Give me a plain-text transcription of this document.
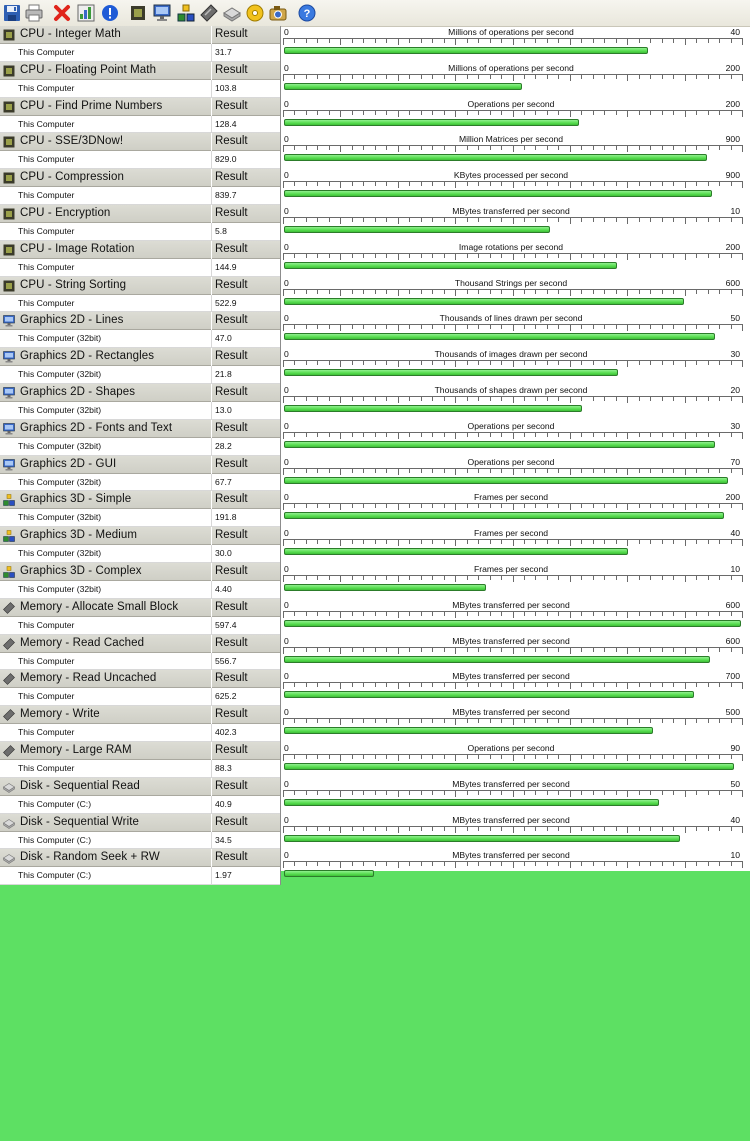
?
CPU - Integer Math	Result
This Computer	31.7
0	Millions of operations per second	40
CPU - Floating Point Math	Result
This Computer	103.8
0	Millions of operations per second	200
CPU - Find Prime Numbers	Result
This Computer	128.4
0	Operations per second	200
CPU - SSE/3DNow!	Result
This Computer	829.0
0	Million Matrices per second	900
CPU - Compression	Result
This Computer	839.7
0	KBytes processed per second	900
CPU - Encryption	Result
This Computer	5.8
0	MBytes transferred per second	10
CPU - Image Rotation	Result
This Computer	144.9
0	Image rotations per second	200
CPU - String Sorting	Result
This Computer	522.9
0	Thousand Strings per second	600
Graphics 2D - Lines	Result
This Computer (32bit)	47.0
0	Thousands of lines drawn per second	50
Graphics 2D - Rectangles	Result
This Computer (32bit)	21.8
0	Thousands of images drawn per second	30
Graphics 2D - Shapes	Result
This Computer (32bit)	13.0
0	Thousands of shapes drawn per second	20
Graphics 2D - Fonts and Text	Result
This Computer (32bit)	28.2
0	Operations per second	30
Graphics 2D - GUI	Result
This Computer (32bit)	67.7
0	Operations per second	70
Graphics 3D - Simple	Result
This Computer (32bit)	191.8
0	Frames per second	200
Graphics 3D - Medium	Result
This Computer (32bit)	30.0
0	Frames per second	40
Graphics 3D - Complex	Result
This Computer (32bit)	4.40
0	Frames per second	10
Memory - Allocate Small Block	Result
This Computer	597.4
0	MBytes transferred per second	600
Memory - Read Cached	Result
This Computer	556.7
0	MBytes transferred per second	600
Memory - Read Uncached	Result
This Computer	625.2
0	MBytes transferred per second	700
Memory - Write	Result
This Computer	402.3
0	MBytes transferred per second	500
Memory - Large RAM	Result
This Computer	88.3
0	Operations per second	90
Disk - Sequential Read	Result
This Computer (C:)	40.9
0	MBytes transferred per second	50
Disk - Sequential Write	Result
This Computer (C:)	34.5
0	MBytes transferred per second	40
Disk - Random Seek + RW	Result
This Computer (C:)	1.97
0	MBytes transferred per second	10
